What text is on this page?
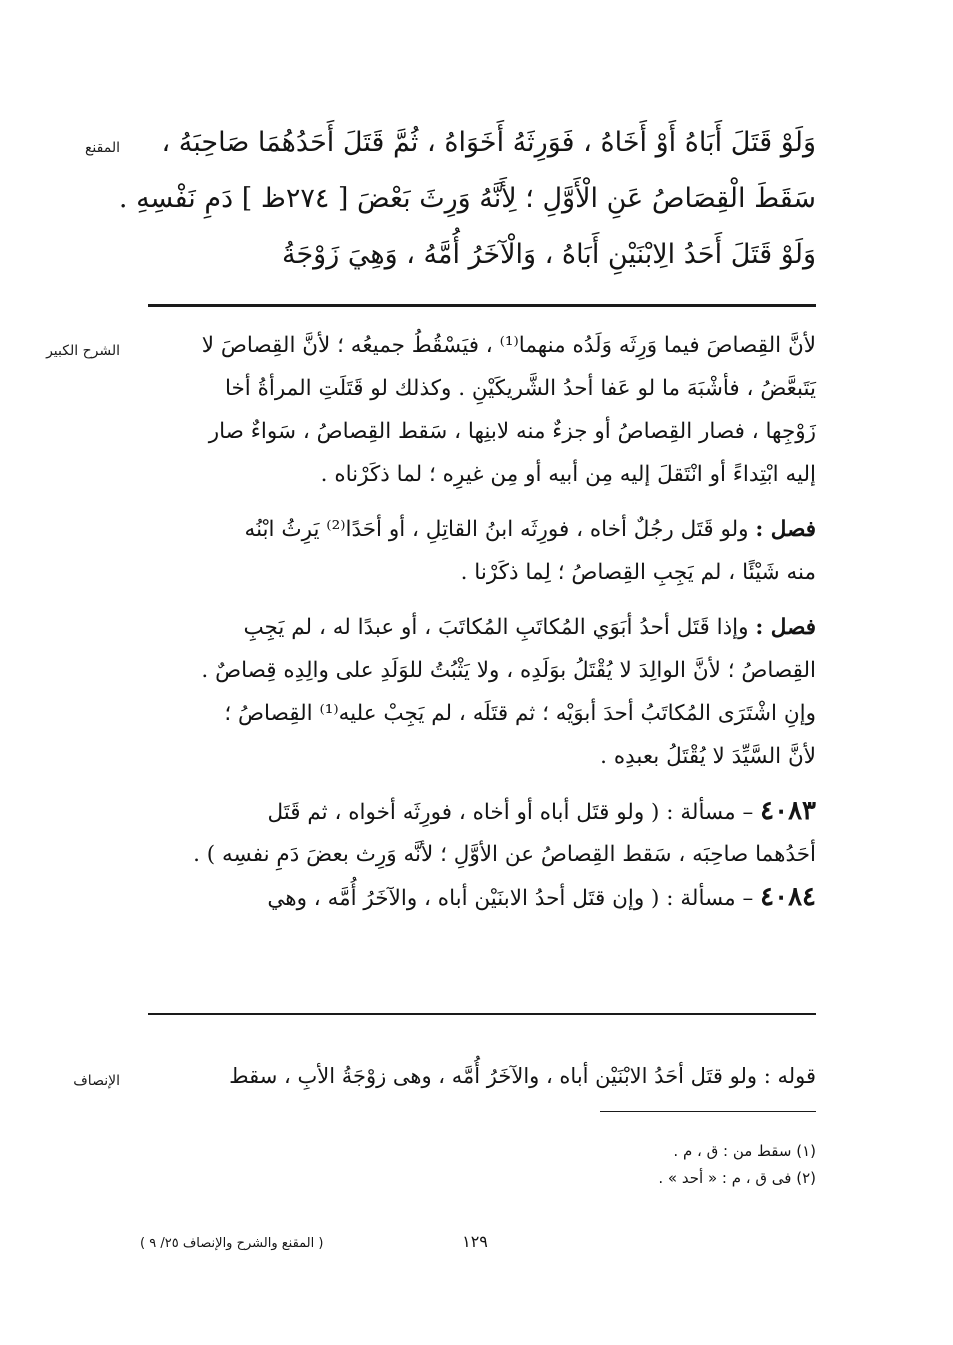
المقنع	وَلَوْ قَتَلَ أَبَاهُ أَوْ أَخَاهُ ، فَوَرِثَهُ أَخَوَاهُ ، ثُمَّ قَتَلَ أَحَدُهُمَا صَاحِبَهُ ،
سَقَطَ الْقِصَاصُ عَنِ الْأَوَّلِ ؛ لِأَنَّهُ وَرِثَ بَعْضَ [ ٢٧٤ظ ] دَمِ نَفْسِهِ .
وَلَوْ قَتَلَ أَحَدُ الِابْنَيْنِ أَبَاهُ ، وَالْآخَرُ أُمَّهُ ، وَهِيَ زَوْجَةُ
الشرح الكبير	لأنَّ القِصاصَ فيما وَرِثَه وَلَدُه منهما⁽¹⁾ ، فيَسْقُطُ جميعُه ؛ لأنَّ القِصاصَ لا
يَتَبعَّضُ ، فأشْبَهَ ما لو عَفا أحدُ الشَّريكَيْنِ . وكذلك لو قَتَلَتِ المرأةُ أخا
زَوْجِها ، فصار القِصاصُ أو جزءٌ منه لابنِها ، سَقط القِصاصُ ، سَواءٌ صار
إليه ابْتِداءً أو انْتَقلَ إليه مِن أبيه أو مِن غيرِه ؛ لما ذكَرْناه .
فصل : ولو قَتَل رجُلٌ أخاه ، فورِثَه ابنُ القاتِلِ ، أو أحَدًا⁽²⁾ يَرِثُ ابْنُه
منه شَيْئًا ، لم يَجِبِ القِصاصُ ؛ لِما ذكَرْنا .
فصل : وإذا قَتَل أحدُ أبَوَي المُكاتَبِ المُكاتَبَ ، أو عبدًا له ، لم يَجِبِ
القِصاصُ ؛ لأنَّ الوالِدَ لا يُقْتَلُ بوَلَدِه ، ولا يَثْبُتُ للوَلَدِ على والِدِه قِصاصٌ .
وإنِ اشْتَرَى المُكاتَبُ أحدَ أبوَيْه ؛ ثم قتَلَه ، لم يَجِبْ عليه⁽¹⁾ القِصاصُ ؛
لأنَّ السَّيِّدَ لا يُقْتَلُ بعبدِه .
٤٠٨٣ – مسألة : ( ولو قتَل أباه أو أخاه ، فورِثَه أخواه ، ثم قَتَل
أحَدُهما صاحِبَه ، سَقط القِصاصُ عن الأوَّلِ ؛ لأنَّه وَرِث بعضَ دَمِ نفسِه ) .
٤٠٨٤ – مسألة : ( وإن قتَل أحدُ الابنَيْن أباه ، والآخَرُ أُمَّه ، وهي
الإنصاف	قوله : ولو قتَل أحَدُ الابْنَيْن أباه ، والآخَرُ أُمَّه ، وهى زوْجَةُ الأبِ ، سقط
(١) سقط من : ق ، م .
(٢) فى ق ، م : « أحد » .
١٢٩
( المقنع والشرح والإنصاف ٢٥/ ٩ )
